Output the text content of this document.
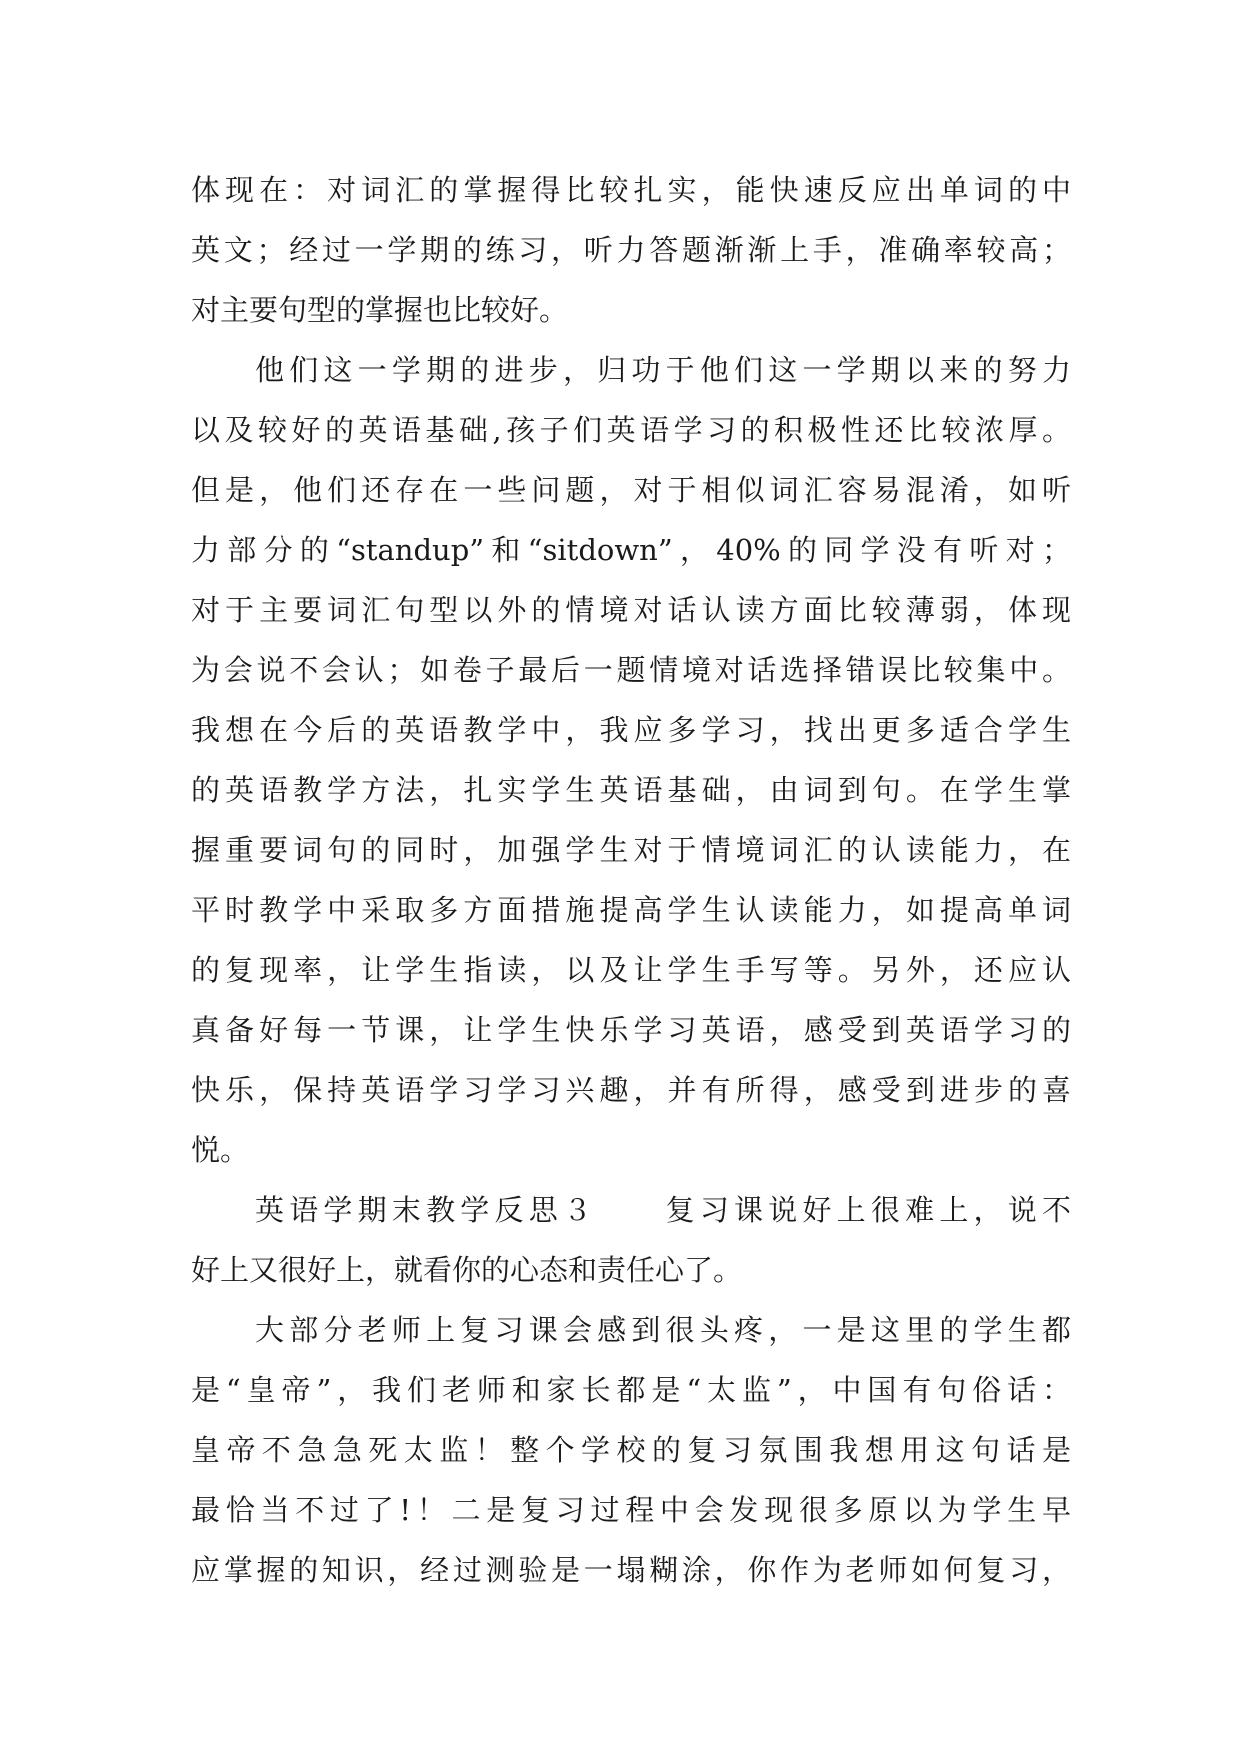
体现在：对词汇的掌握得比较扎实，能快速反应出单词的中
英文；经过一学期的练习，听力答题渐渐上手，准确率较高；
对主要句型的掌握也比较好。
他们这一学期的进步，归功于他们这一学期以来的努力
以及较好的英语基础,孩子们英语学习的积极性还比较浓厚。
但是，他们还存在一些问题，对于相似词汇容易混淆，如听
力部分的“standup”和“sitdown”，40%的同学没有听对；
对于主要词汇句型以外的情境对话认读方面比较薄弱，体现
为会说不会认；如卷子最后一题情境对话选择错误比较集中。
我想在今后的英语教学中，我应多学习，找出更多适合学生
的英语教学方法，扎实学生英语基础，由词到句。在学生掌
握重要词句的同时，加强学生对于情境词汇的认读能力，在
平时教学中采取多方面措施提高学生认读能力，如提高单词
的复现率，让学生指读，以及让学生手写等。另外，还应认
真备好每一节课，让学生快乐学习英语，感受到英语学习的
快乐，保持英语学习学习兴趣，并有所得，感受到进步的喜
悦。
英语学期末教学反思３　　复习课说好上很难上，说不
好上又很好上，就看你的心态和责任心了。
大部分老师上复习课会感到很头疼，一是这里的学生都
是“皇帝”，我们老师和家长都是“太监”，中国有句俗话：
皇帝不急急死太监！整个学校的复习氛围我想用这句话是
最恰当不过了!！二是复习过程中会发现很多原以为学生早
应掌握的知识，经过测验是一塌糊涂，你作为老师如何复习，
